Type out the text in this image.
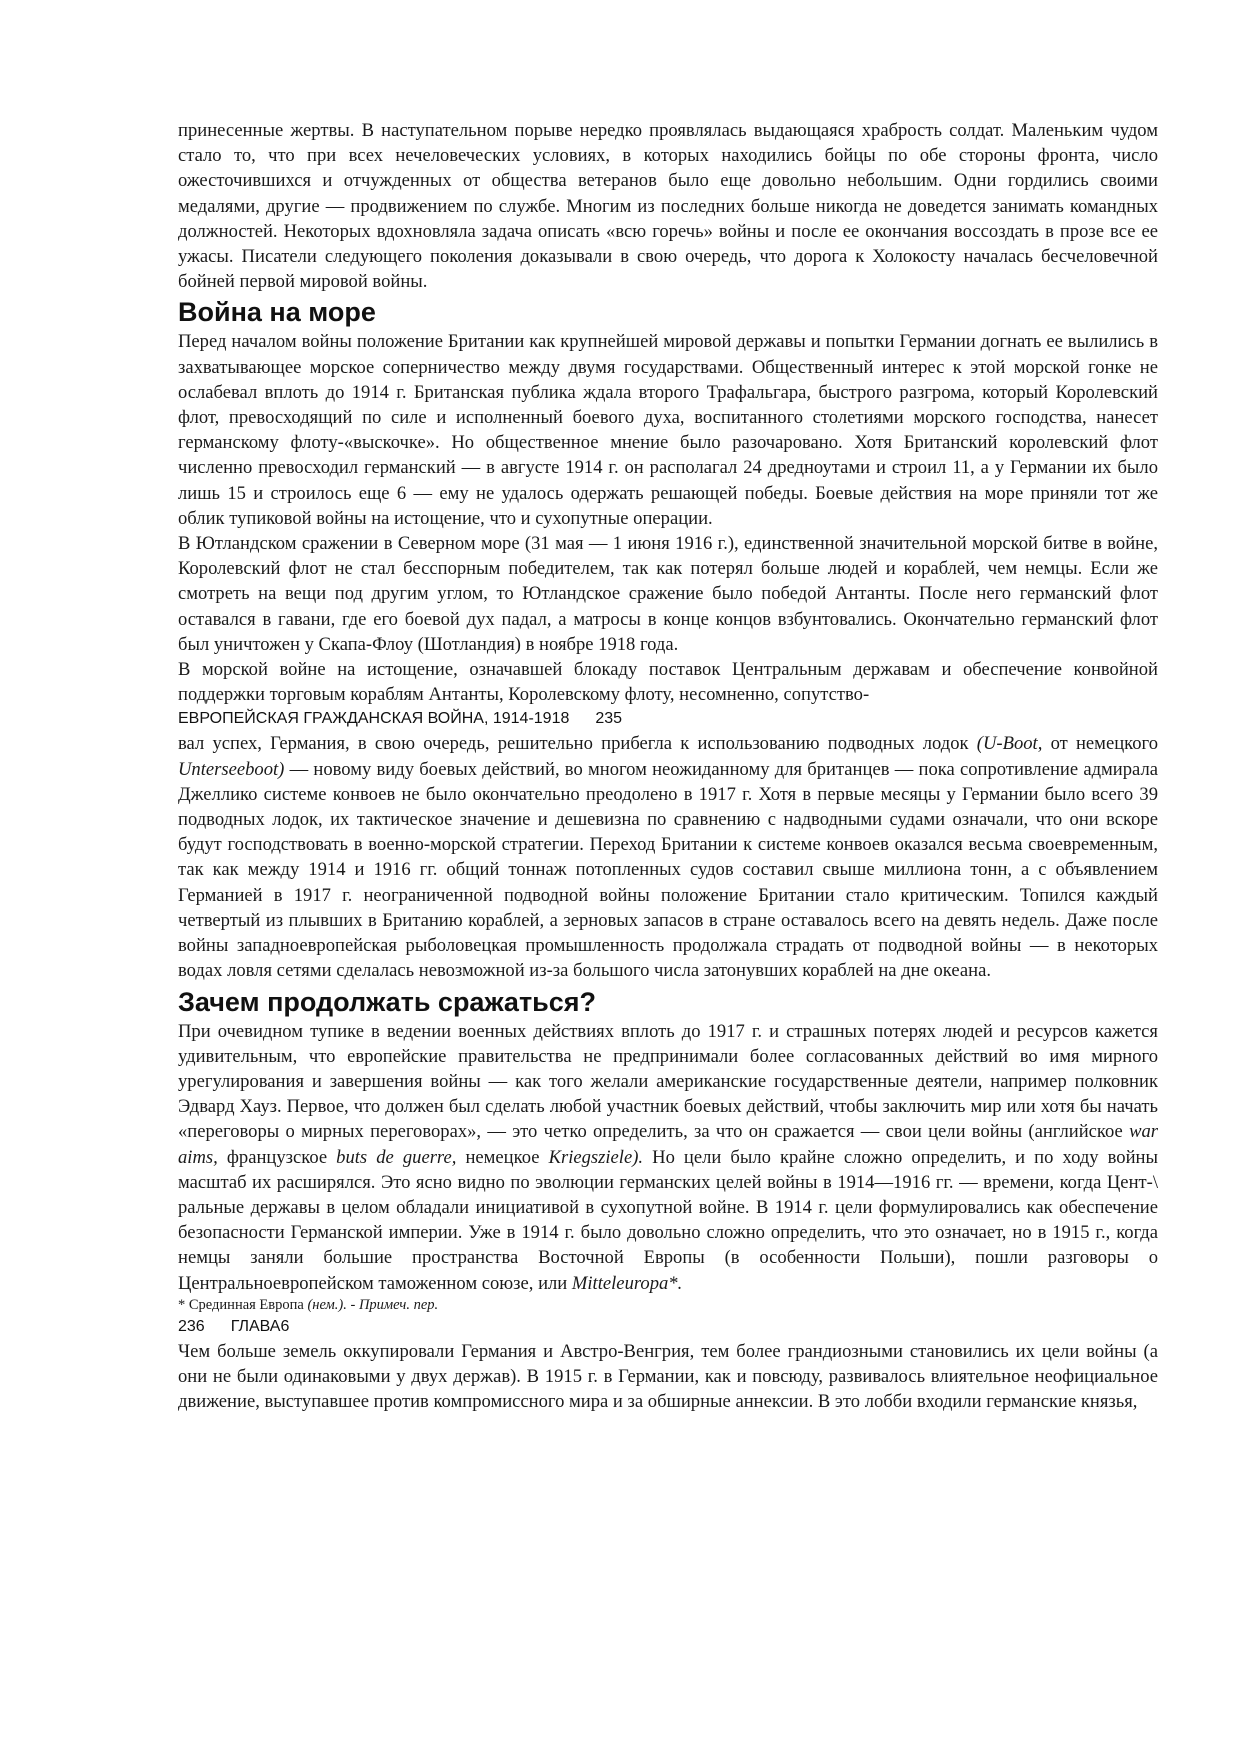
принесенные жертвы. В наступательном порыве нередко проявлялась выдающаяся храбрость солдат. Маленьким чудом стало то, что при всех нечеловеческих условиях, в которых находились бойцы по обе стороны фронта, число ожесточившихся и отчужденных от общества ветеранов было еще довольно небольшим. Одни гордились своими медалями, другие — продвижением по службе. Многим из последних больше никогда не доведется занимать командных должностей. Некоторых вдохновляла задача описать «всю горечь» войны и после ее окончания воссоздать в прозе все ее ужасы. Писатели следующего поколения доказывали в свою очередь, что дорога к Холокосту началась бесчеловечной бойней первой мировой войны.

Война на море

Перед началом войны положение Британии как крупнейшей мировой державы и попытки Германии догнать ее вылились в захватывающее морское соперничество между двумя государствами. Общественный интерес к этой морской гонке не ослабевал вплоть до 1914 г. Британская публика ждала второго Трафальгара, быстрого разгрома, который Королевский флот, превосходящий по силе и исполненный боевого духа, воспитанного столетиями морского господства, нанесет германскому флоту-«выскочке». Но общественное мнение было разочаровано. Хотя Британский королевский флот численно превосходил германский — в августе 1914 г. он располагал 24 дредноутами и строил 11, а у Германии их было лишь 15 и строилось еще 6 — ему не удалось одержать решающей победы. Боевые действия на море приняли тот же облик тупиковой войны на истощение, что и сухопутные операции.

В Ютландском сражении в Северном море (31 мая — 1 июня 1916 г.), единственной значительной морской битве в войне, Королевский флот не стал бесспорным победителем, так как потерял больше людей и кораблей, чем немцы. Если же смотреть на вещи под другим углом, то Ютландское сражение было победой Антанты. После него германский флот оставался в гавани, где его боевой дух падал, а матросы в конце концов взбунтовались. Окончательно германский флот был уничтожен у Скапа-Флоу (Шотландия) в ноябре 1918 года.

В морской войне на истощение, означавшей блокаду поставок Центральным державам и обеспечение конвойной поддержки торговым кораблям Антанты, Королевскому флоту, несомненно, сопутство-

ЕВРОПЕЙСКАЯ ГРАЖДАНСКАЯ ВОЙНА, 1914-1918 235

вал успех, Германия, в свою очередь, решительно прибегла к использованию подводных лодок (U-Boot, от немецкого Unterseeboot) — новому виду боевых действий, во многом неожиданному для британцев — пока сопротивление адмирала Джеллико системе конвоев не было окончательно преодолено в 1917 г. Хотя в первые месяцы у Германии было всего 39 подводных лодок, их тактическое значение и дешевизна по сравнению с надводными судами означали, что они вскоре будут господствовать в военно-морской стратегии. Переход Британии к системе конвоев оказался весьма своевременным, так как между 1914 и 1916 гг. общий тоннаж потопленных судов составил свыше миллиона тонн, а с объявлением Германией в 1917 г. неограниченной подводной войны положение Британии стало критическим. Топился каждый четвертый из плывших в Британию кораблей, а зерновых запасов в стране оставалось всего на девять недель. Даже после войны западноевропейская рыболовецкая промышленность продолжала страдать от подводной войны — в некоторых водах ловля сетями сделалась невозможной из-за большого числа затонувших кораблей на дне океана.

Зачем продолжать сражаться?

При очевидном тупике в ведении военных действиях вплоть до 1917 г. и страшных потерях людей и ресурсов кажется удивительным, что европейские правительства не предпринимали более согласованных действий во имя мирного урегулирования и завершения войны — как того желали американские государственные деятели, например полковник Эдвард Хауз. Первое, что должен был сделать любой участник боевых действий, чтобы заключить мир или хотя бы начать «переговоры о мирных переговорах», — это четко определить, за что он сражается — свои цели войны (английское war aims, французское buts de guerre, немецкое Kriegsziele). Но цели было крайне сложно определить, и по ходу войны масштаб их расширялся. Это ясно видно по эволюции германских целей войны в 1914—1916 гг. — времени, когда Цент-\ ральные державы в целом обладали инициативой в сухопутной войне. В 1914 г. цели формулировались как обеспечение безопасности Германской империи. Уже в 1914 г. было довольно сложно определить, что это означает, но в 1915 г., когда немцы заняли большие пространства Восточной Европы (в особенности Польши), пошли разговоры о Центральноевропейском таможенном союзе, или Mitteleuropa*.

* Срединная Европа (нем.). - Примеч. пер.

236 ГЛАВА6

Чем больше земель оккупировали Германия и Австро-Венгрия, тем более грандиозными становились их цели войны (а они не были одинаковыми у двух держав). В 1915 г. в Германии, как и повсюду, развивалось влиятельное неофициальное движение, выступавшее против компромиссного мира и за обширные аннексии. В это лобби входили германские князья,
